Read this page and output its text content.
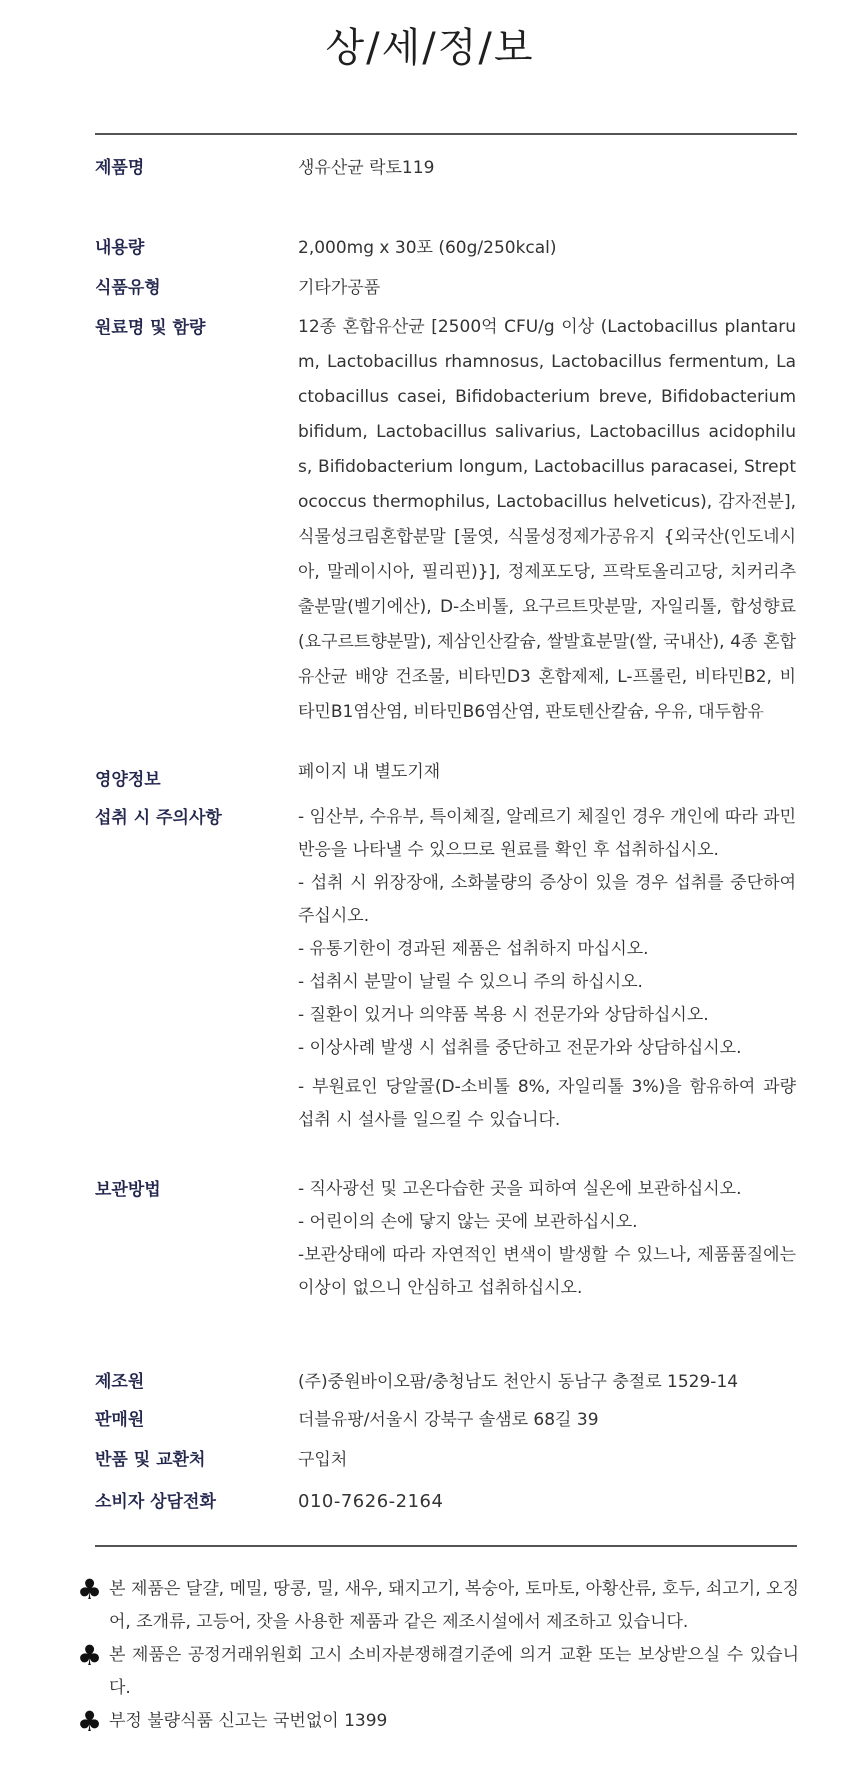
상/세/정/보
제품명	생유산균 락토119
내용량	2,000mg x 30포 (60g/250kcal)
식품유형	기타가공품
원료명 및 함량	12종 혼합유산균 [2500억 CFU/g 이상 (Lactobacillus plantarum, Lactobacillus rhamnosus, Lactobacillus fermentum, Lactobacillus casei, Bifidobacterium breve, Bifidobacterium bifidum, Lactobacillus salivarius, Lactobacillus acidophilus, Bifidobacterium longum, Lactobacillus paracasei, Streptococcus thermophilus, Lactobacillus helveticus), 감자전분], 식물성크림혼합분말 [물엿, 식물성정제가공유지 {외국산(인도네시아, 말레이시아, 필리핀)}], 정제포도당, 프락토올리고당, 치커리추출분말(벨기에산), D-소비톨, 요구르트맛분말, 자일리톨, 합성향료(요구르트향분말), 제삼인산칼슘, 쌀발효분말(쌀, 국내산), 4종 혼합 유산균 배양 건조물, 비타민D3 혼합제제, L-프롤린, 비타민B2, 비타민B1염산염, 비타민B6염산염, 판토텐산칼슘, 우유, 대두함유
영양정보	페이지 내 별도기재
섭취 시 주의사항	- 임산부, 수유부, 특이체질, 알레르기 체질인 경우 개인에 따라 과민반응을 나타낼 수 있으므로 원료를 확인 후 섭취하십시오.
- 섭취 시 위장장애, 소화불량의 증상이 있을 경우 섭취를 중단하여 주십시오.
- 유통기한이 경과된 제품은 섭취하지 마십시오.
- 섭취시 분말이 날릴 수 있으니 주의 하십시오.
- 질환이 있거나 의약품 복용 시 전문가와 상담하십시오.
- 이상사례 발생 시 섭취를 중단하고 전문가와 상담하십시오.
- 부원료인 당알콜(D-소비톨 8%, 자일리톨 3%)을 함유하여 과량 섭취 시 설사를 일으킬 수 있습니다.
보관방법	- 직사광선 및 고온다습한 곳을 피하여 실온에 보관하십시오.
- 어린이의 손에 닿지 않는 곳에 보관하십시오.
-보관상태에 따라 자연적인 변색이 발생할 수 있느나, 제품품질에는 이상이 없으니 안심하고 섭취하십시오.
제조원	(주)중원바이오팜/충청남도 천안시 동남구 충절로 1529-14
판매원	더블유팡/서울시 강북구 솔샘로 68길 39
반품 및 교환처	구입처
소비자 상담전화	010-7626-2164
♣ 본 제품은 달걀, 메밀, 땅콩, 밀, 새우, 돼지고기, 복숭아, 토마토, 아황산류, 호두, 쇠고기, 오징어, 조개류, 고등어, 잣을 사용한 제품과 같은 제조시설에서 제조하고 있습니다.
♣ 본 제품은 공정거래위원회 고시 소비자분쟁해결기준에 의거 교환 또는 보상받으실 수 있습니다.
♣ 부정 불량식품 신고는 국번없이 1399
